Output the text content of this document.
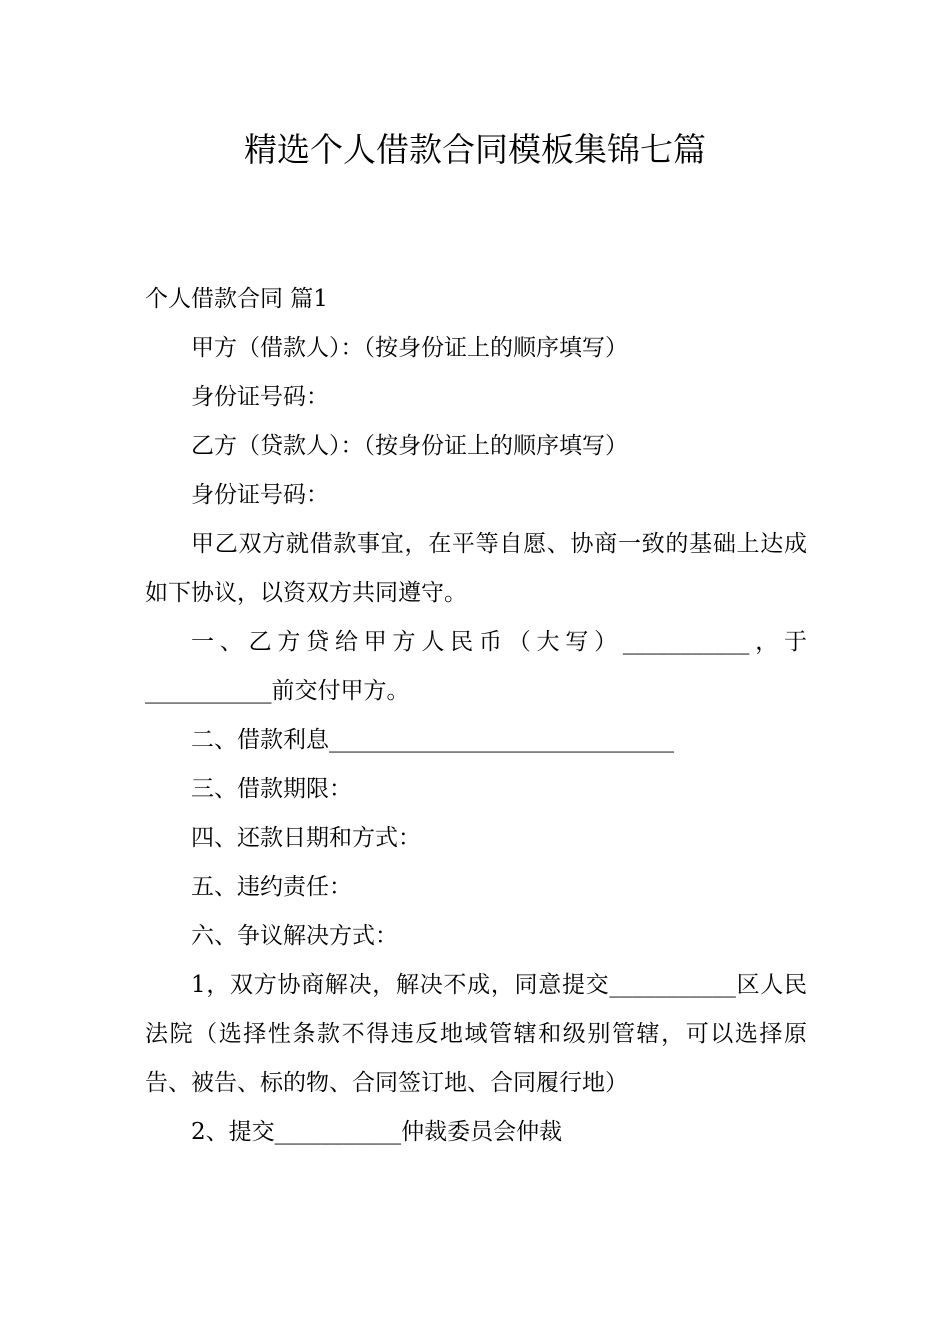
精选个人借款合同模板集锦七篇

个人借款合同 篇1

甲方（借款人）：（按身份证上的顺序填写）

身份证号码：

乙方（贷款人）：（按身份证上的顺序填写）

身份证号码：

甲乙双方就借款事宜，在平等自愿、协商一致的基础上达成如下协议，以资双方共同遵守。

一、乙方贷给甲方人民币（大写）___________，于___________前交付甲方。

二、借款利息______________________________

三、借款期限：

四、还款日期和方式：

五、违约责任：

六、争议解决方式：

1，双方协商解决，解决不成，同意提交___________区人民法院（选择性条款不得违反地域管辖和级别管辖，可以选择原告、被告、标的物、合同签订地、合同履行地）

2、提交___________仲裁委员会仲裁
